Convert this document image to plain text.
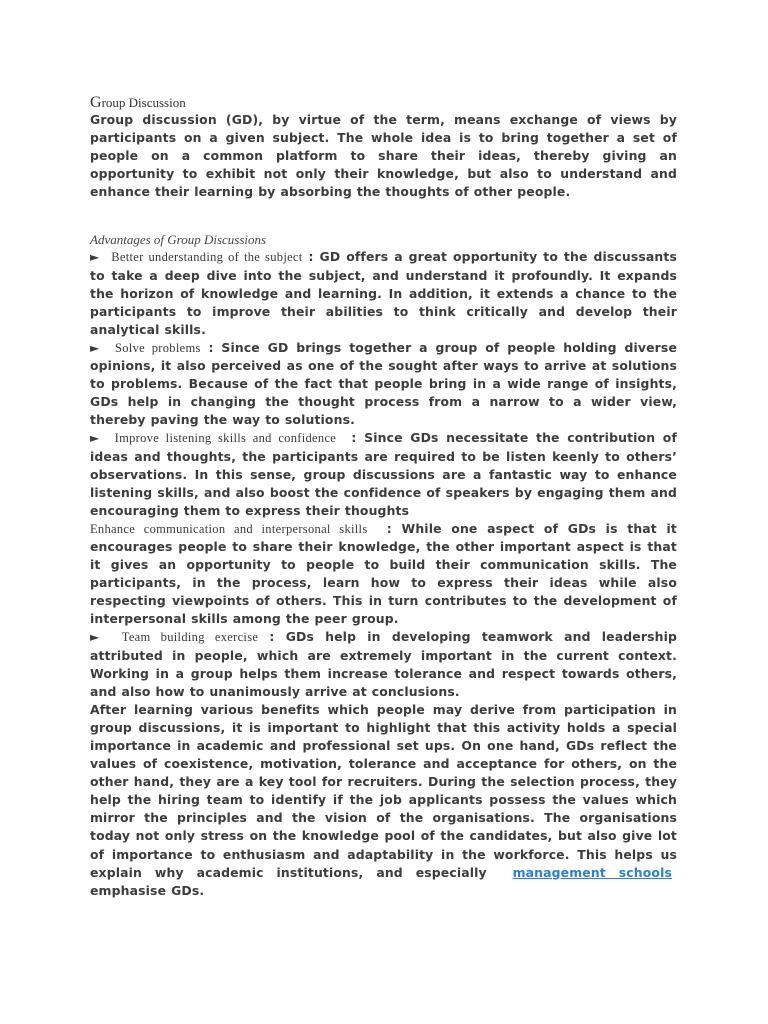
Group Discussion

Group discussion (GD), by virtue of the term, means exchange of views by participants on a given subject. The whole idea is to bring together a set of people on a common platform to share their ideas, thereby giving an opportunity to exhibit not only their knowledge, but also to understand and enhance their learning by absorbing the thoughts of other people.

Advantages of Group Discussions

► Better understanding of the subject : GD offers a great opportunity to the discussants to take a deep dive into the subject, and understand it profoundly. It expands the horizon of knowledge and learning. In addition, it extends a chance to the participants to improve their abilities to think critically and develop their analytical skills.

► Solve problems : Since GD brings together a group of people holding diverse opinions, it also perceived as one of the sought after ways to arrive at solutions to problems. Because of the fact that people bring in a wide range of insights, GDs help in changing the thought process from a narrow to a wider view, thereby paving the way to solutions.

► Improve listening skills and confidence : Since GDs necessitate the contribution of ideas and thoughts, the participants are required to be listen keenly to others’ observations. In this sense, group discussions are a fantastic way to enhance listening skills, and also boost the confidence of speakers by engaging them and encouraging them to express their thoughts

Enhance communication and interpersonal skills : While one aspect of GDs is that it encourages people to share their knowledge, the other important aspect is that it gives an opportunity to people to build their communication skills. The participants, in the process, learn how to express their ideas while also respecting viewpoints of others. This in turn contributes to the development of interpersonal skills among the peer group.

► Team building exercise : GDs help in developing teamwork and leadership attributed in people, which are extremely important in the current context. Working in a group helps them increase tolerance and respect towards others, and also how to unanimously arrive at conclusions.

After learning various benefits which people may derive from participation in group discussions, it is important to highlight that this activity holds a special importance in academic and professional set ups. On one hand, GDs reflect the values of coexistence, motivation, tolerance and acceptance for others, on the other hand, they are a key tool for recruiters. During the selection process, they help the hiring team to identify if the job applicants possess the values which mirror the principles and the vision of the organisations. The organisations today not only stress on the knowledge pool of the candidates, but also give lot of importance to enthusiasm and adaptability in the workforce. This helps us explain why academic institutions, and especially management schools  emphasise GDs.
